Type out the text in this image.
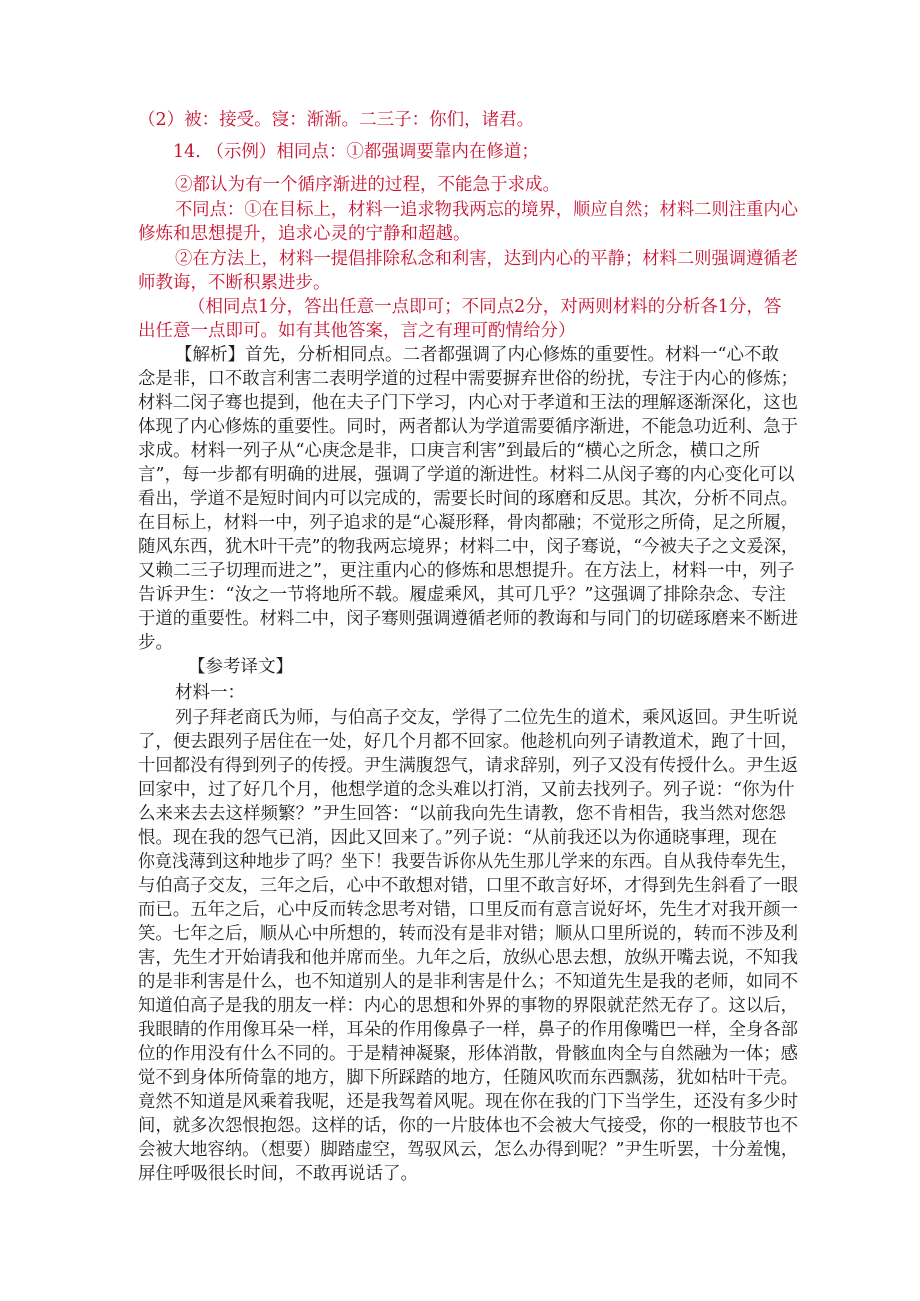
（2）被：接受。寖：渐渐。二三子：你们，诸君。
14. （示例）相同点：①都强调要靠内在修道；
②都认为有一个循序渐进的过程，不能急于求成。
不同点：①在目标上，材料一追求物我两忘的境界，顺应自然；材料二则注重内心
修炼和思想提升，追求心灵的宁静和超越。
②在方法上，材料一提倡排除私念和利害，达到内心的平静；材料二则强调遵循老
师教诲，不断积累进步。
（相同点1分，答出任意一点即可；不同点2分，对两则材料的分析各1分，答
出任意一点即可。如有其他答案，言之有理可酌情给分）
【解析】首先，分析相同点。二者都强调了内心修炼的重要性。材料一“心不敢
念是非，口不敢言利害二表明学道的过程中需要摒弃世俗的纷扰，专注于内心的修炼；
材料二闵子骞也提到，他在夫子门下学习，内心对于孝道和王法的理解逐渐深化，这也
体现了内心修炼的重要性。同时，两者都认为学道需要循序渐进，不能急功近利、急于
求成。材料一列子从“心庚念是非，口庚言利害”到最后的“横心之所念，横口之所
言”，每一步都有明确的进展，强调了学道的渐进性。材料二从闵子骞的内心变化可以
看出，学道不是短时间内可以完成的，需要长时间的琢磨和反思。其次，分析不同点。
在目标上，材料一中，列子追求的是“心凝形释，骨肉都融；不觉形之所倚，足之所履，
随风东西，犹木叶干壳”的物我两忘境界；材料二中，闵子骞说，“今被夫子之文爰深，
又赖二三子切理而进之”，更注重内心的修炼和思想提升。在方法上，材料一中，列子
告诉尹生：“汝之一节将地所不载。履虚乘风，其可几乎？”这强调了排除杂念、专注
于道的重要性。材料二中，闵子骞则强调遵循老师的教诲和与同门的切磋琢磨来不断进
步。
【参考译文】
材料一：
列子拜老商氏为师，与伯高子交友，学得了二位先生的道术，乘风返回。尹生听说
了，便去跟列子居住在一处，好几个月都不回家。他趁机向列子请教道术，跑了十回，
十回都没有得到列子的传授。尹生满腹怨气，请求辞别，列子又没有传授什么。尹生返
回家中，过了好几个月，他想学道的念头难以打消，又前去找列子。列子说：“你为什
么来来去去这样频繁？”尹生回答：“以前我向先生请教，您不肯相告，我当然对您怨
恨。现在我的怨气已消，因此又回来了。”列子说：“从前我还以为你通晓事理，现在
你竟浅薄到这种地步了吗？坐下！我要告诉你从先生那儿学来的东西。自从我侍奉先生，
与伯高子交友，三年之后，心中不敢想对错，口里不敢言好坏，才得到先生斜看了一眼
而已。五年之后，心中反而转念思考对错，口里反而有意言说好坏，先生才对我开颜一
笑。七年之后，顺从心中所想的，转而没有是非对错；顺从口里所说的，转而不涉及利
害，先生才开始请我和他并席而坐。九年之后，放纵心思去想，放纵开嘴去说，不知我
的是非利害是什么，也不知道别人的是非利害是什么；不知道先生是我的老师，如同不
知道伯高子是我的朋友一样：内心的思想和外界的事物的界限就茫然无存了。这以后，
我眼睛的作用像耳朵一样，耳朵的作用像鼻子一样，鼻子的作用像嘴巴一样，全身各部
位的作用没有什么不同的。于是精神凝聚，形体消散，骨骸血肉全与自然融为一体；感
觉不到身体所倚靠的地方，脚下所踩踏的地方，任随风吹而东西飘荡，犹如枯叶干壳。
竟然不知道是风乘着我呢，还是我驾着风呢。现在你在我的门下当学生，还没有多少时
间，就多次怨恨抱怨。这样的话，你的一片肢体也不会被大气接受，你的一根肢节也不
会被大地容纳。（想要）脚踏虚空，驾驭风云，怎么办得到呢？”尹生听罢，十分羞愧，
屏住呼吸很长时间，不敢再说话了。
